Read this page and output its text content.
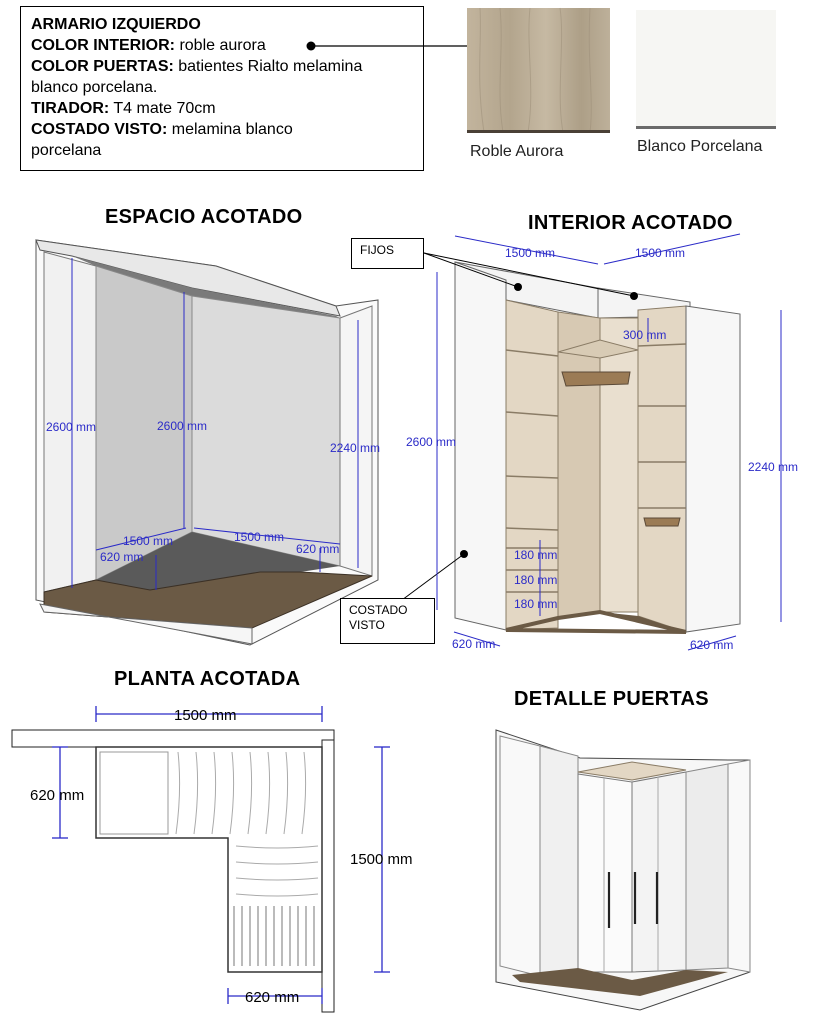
ARMARIO IZQUIERDO
COLOR INTERIOR: roble aurora
COLOR PUERTAS: batientes Rialto melamina
blanco porcelana.
TIRADOR: T4 mate 70cm
COSTADO VISTO: melamina blanco
porcelana	Roble Aurora	Blanco Porcelana
ESPACIO ACOTADO	INTERIOR ACOTADO
PLANTA ACOTADA
DETALLE PUERTAS
2600 mm	2600 mm
2240 mm
1500 mm	1500 mm
620 mm
620 mm
1500 mm	1500 mm
300 mm
2600 mm
2240 mm
180 mm
180 mm
180 mm
620 mm	620 mm
FIJOS
COSTADO
VISTO
1500 mm
620 mm
1500 mm
620 mm
